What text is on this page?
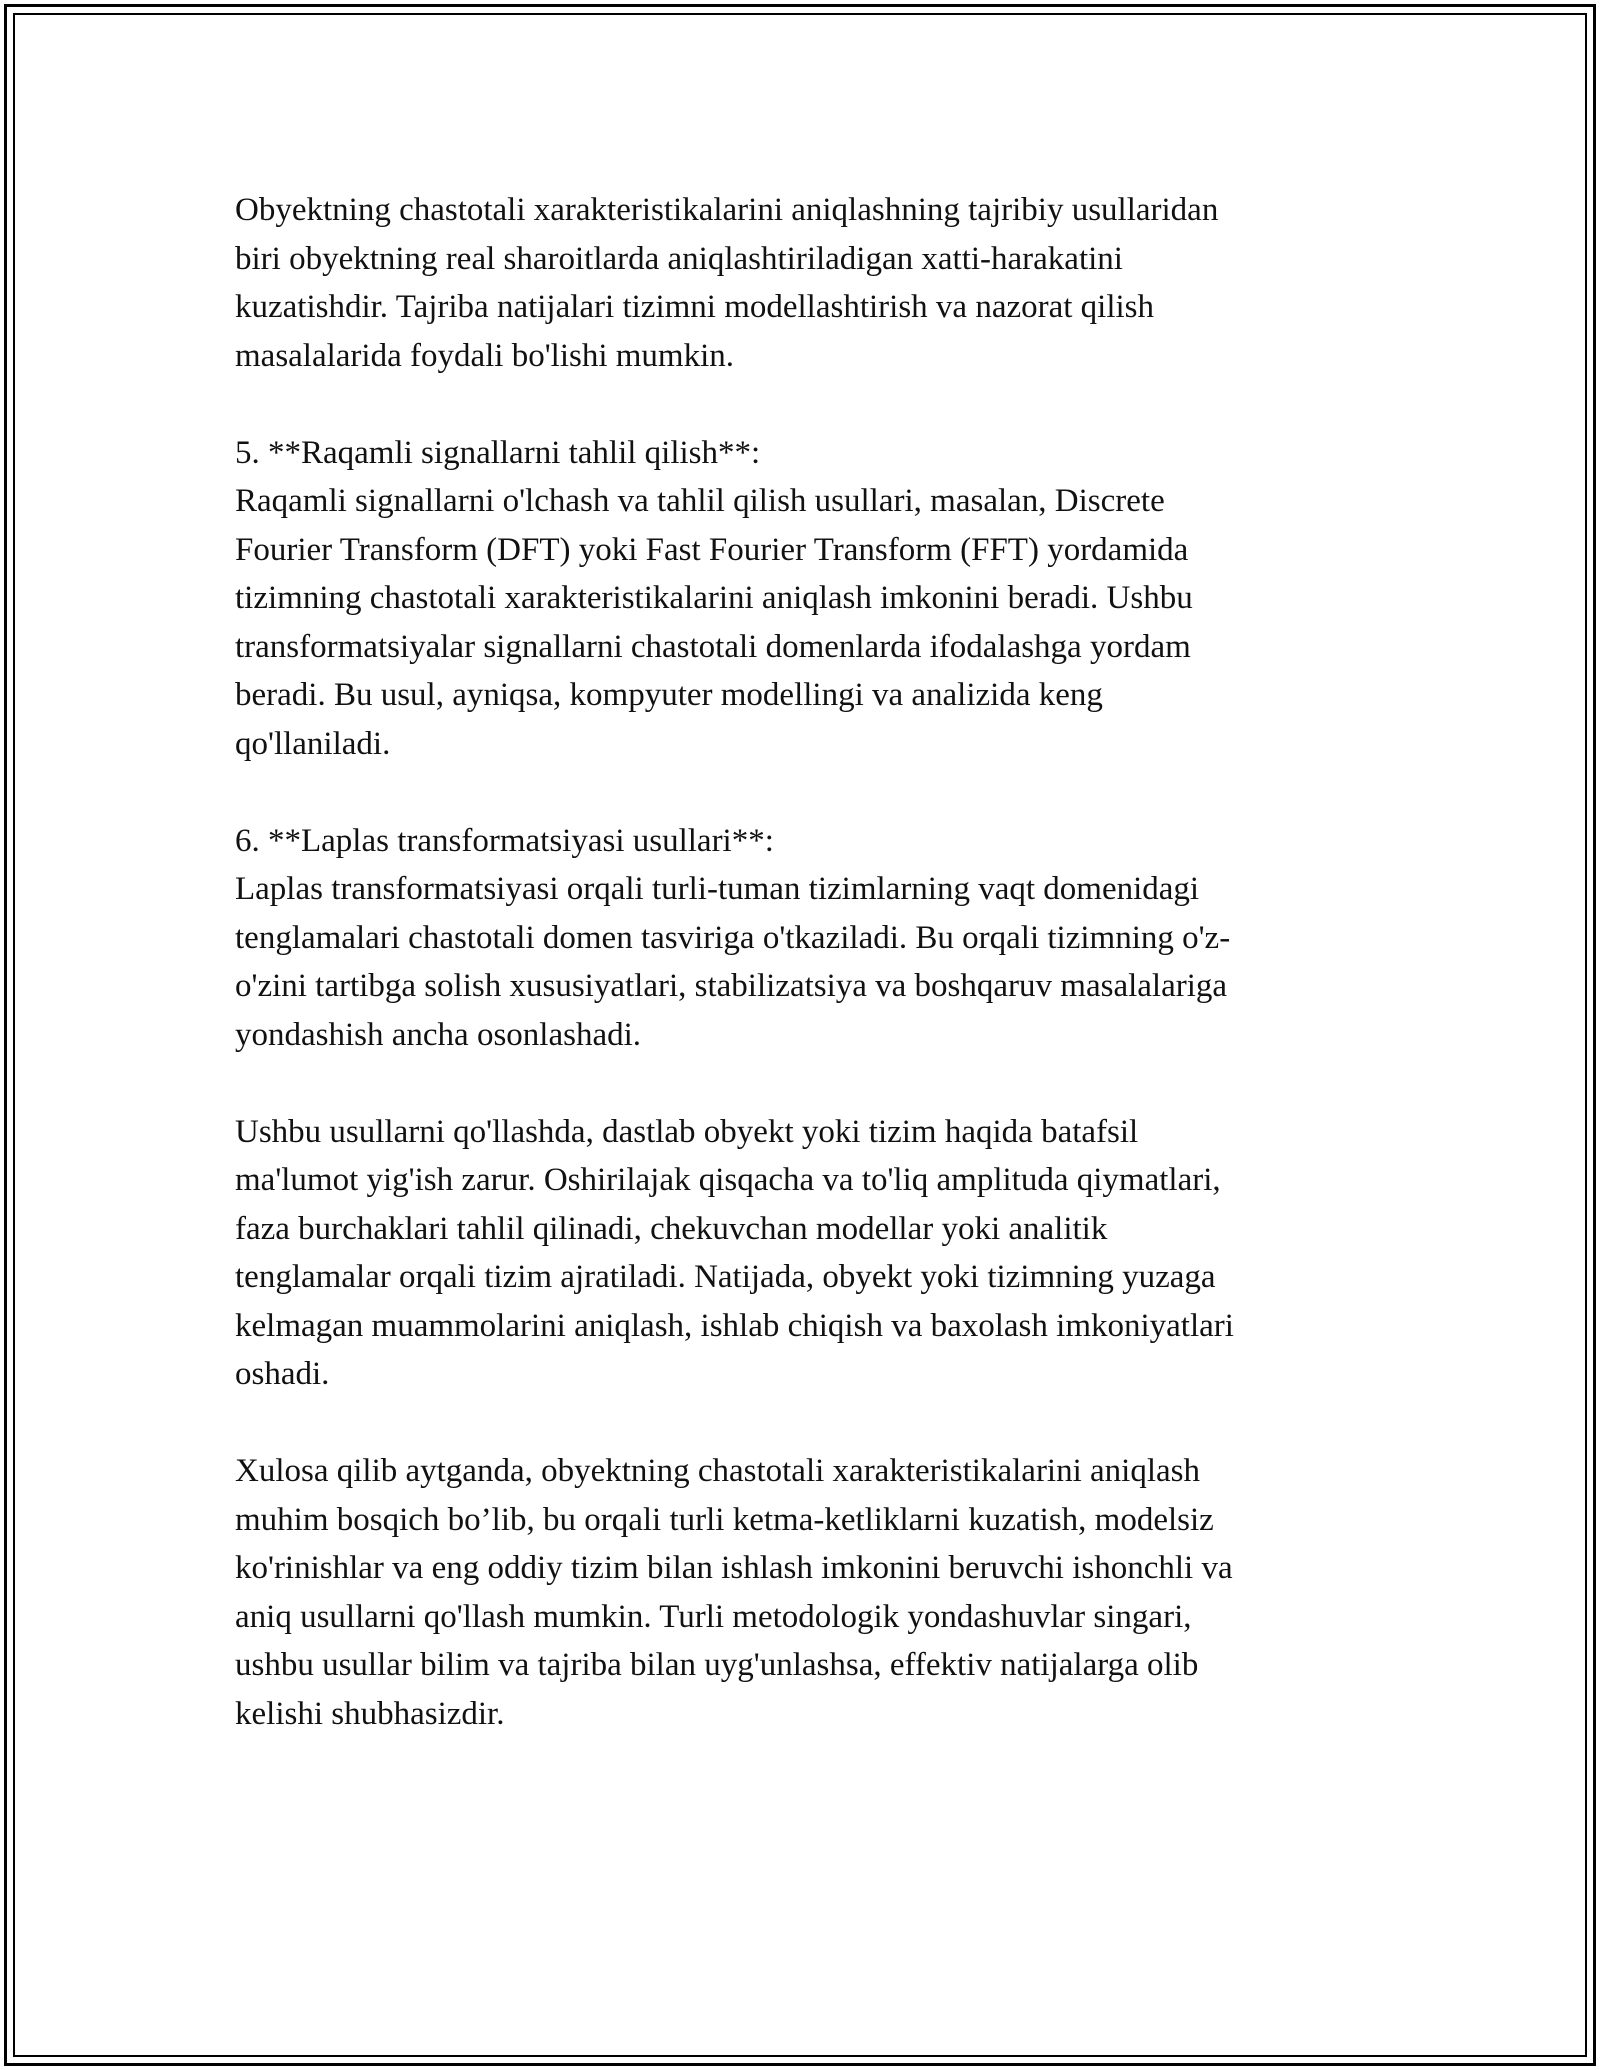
Obyektning chastotali xarakteristikalarini aniqlashning tajribiy usullaridan
biri obyektning real sharoitlarda aniqlashtiriladigan xatti-harakatini
kuzatishdir. Tajriba natijalari tizimni modellashtirish va nazorat qilish
masalalarida foydali bo'lishi mumkin.

5. **Raqamli signallarni tahlil qilish**:
Raqamli signallarni o'lchash va tahlil qilish usullari, masalan, Discrete
Fourier Transform (DFT) yoki Fast Fourier Transform (FFT) yordamida
tizimning chastotali xarakteristikalarini aniqlash imkonini beradi. Ushbu
transformatsiyalar signallarni chastotali domenlarda ifodalashga yordam
beradi. Bu usul, ayniqsa, kompyuter modellingi va analizida keng
qo'llaniladi.

6. **Laplas transformatsiyasi usullari**:
Laplas transformatsiyasi orqali turli-tuman tizimlarning vaqt domenidagi
tenglamalari chastotali domen tasviriga o'tkaziladi. Bu orqali tizimning o'z-
o'zini tartibga solish xususiyatlari, stabilizatsiya va boshqaruv masalalariga
yondashish ancha osonlashadi.

Ushbu usullarni qo'llashda, dastlab obyekt yoki tizim haqida batafsil
ma'lumot yig'ish zarur. Oshirilajak qisqacha va to'liq amplituda qiymatlari,
faza burchaklari tahlil qilinadi, chekuvchan modellar yoki analitik
tenglamalar orqali tizim ajratiladi. Natijada, obyekt yoki tizimning yuzaga
kelmagan muammolarini aniqlash, ishlab chiqish va baxolash imkoniyatlari
oshadi.

Xulosa qilib aytganda, obyektning chastotali xarakteristikalarini aniqlash
muhim bosqich bo’lib, bu orqali turli ketma-ketliklarni kuzatish, modelsiz
ko'rinishlar va eng oddiy tizim bilan ishlash imkonini beruvchi ishonchli va
aniq usullarni qo'llash mumkin. Turli metodologik yondashuvlar singari,
ushbu usullar bilim va tajriba bilan uyg'unlashsa, effektiv natijalarga olib
kelishi shubhasizdir.
